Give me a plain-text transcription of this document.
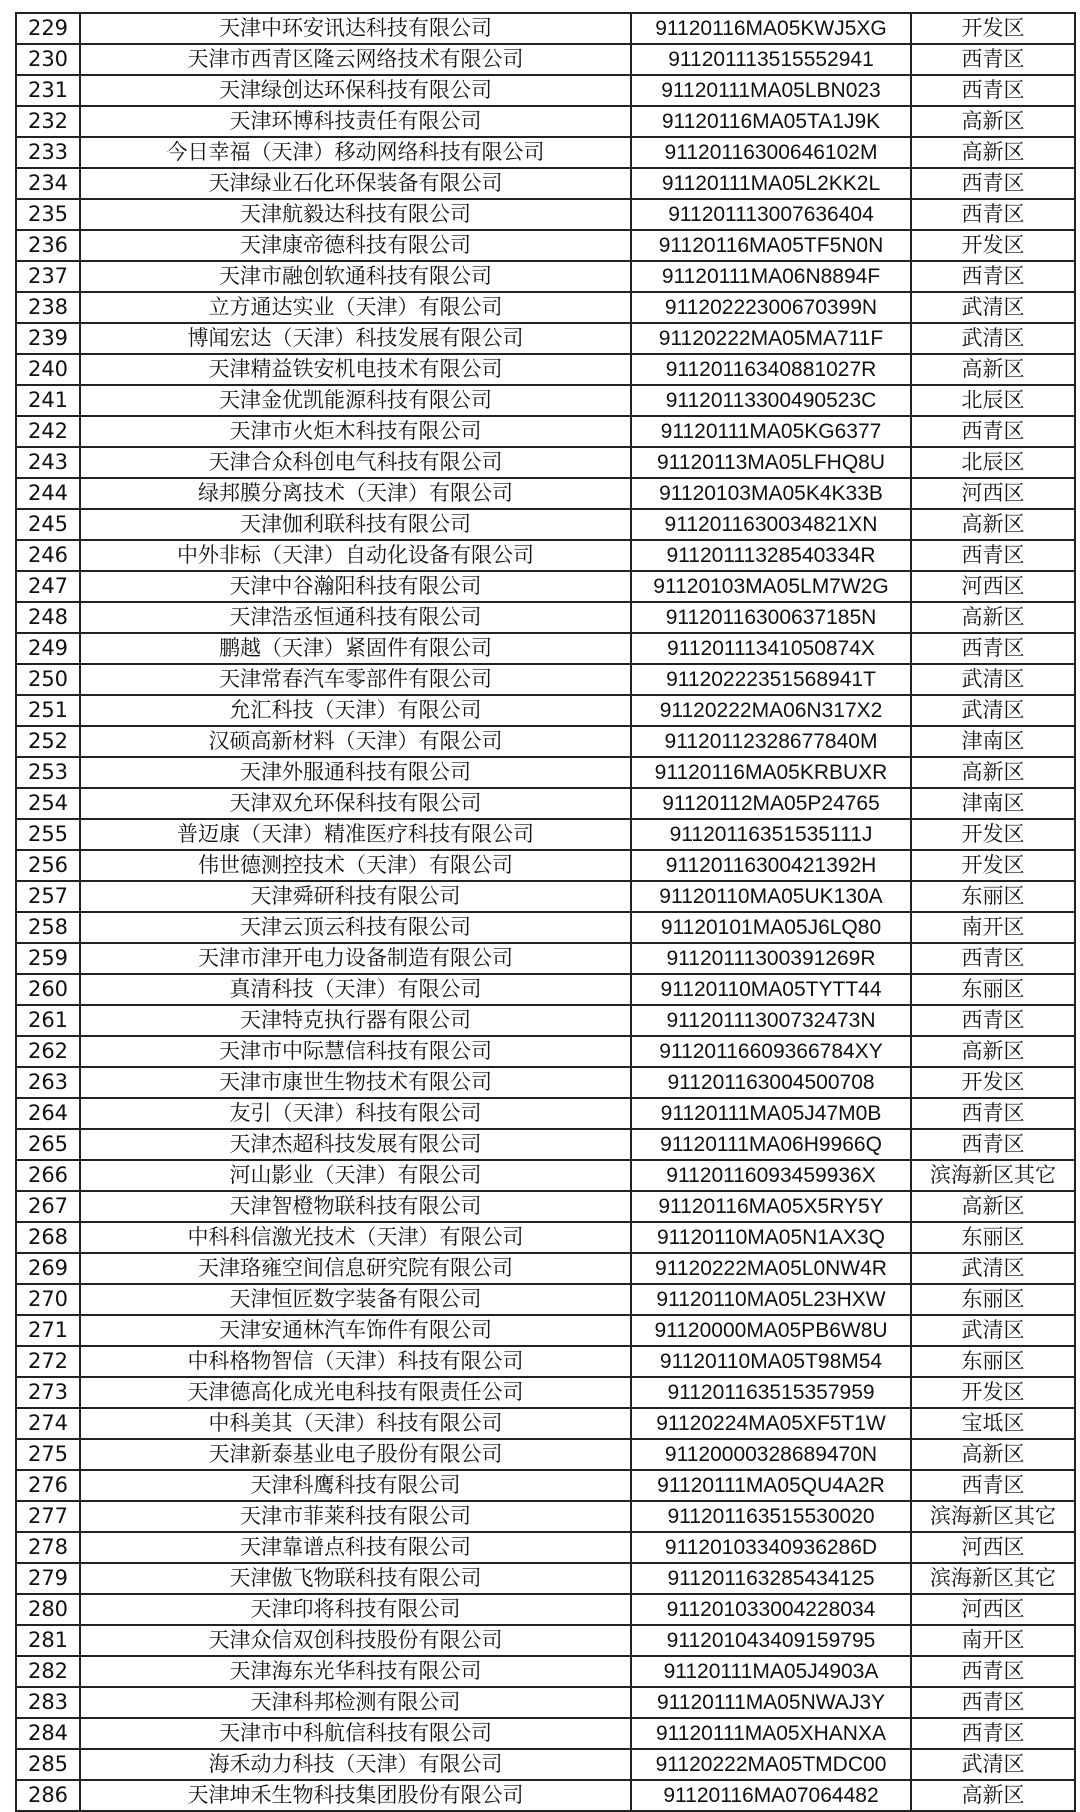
229	天津中环安讯达科技有限公司	91120116MA05KWJ5XG	开发区
230	天津市西青区隆云网络技术有限公司	911201113515552941	西青区
231	天津绿创达环保科技有限公司	91120111MA05LBN023	西青区
232	天津环博科技责任有限公司	91120116MA05TA1J9K	高新区
233	今日幸福（天津）移动网络科技有限公司	91120116300646102M	高新区
234	天津绿业石化环保装备有限公司	91120111MA05L2KK2L	西青区
235	天津航毅达科技有限公司	911201113007636404	西青区
236	天津康帝德科技有限公司	91120116MA05TF5N0N	开发区
237	天津市融创软通科技有限公司	91120111MA06N8894F	西青区
238	立方通达实业（天津）有限公司	91120222300670399N	武清区
239	博闻宏达（天津）科技发展有限公司	91120222MA05MA711F	武清区
240	天津精益铁安机电技术有限公司	91120116340881027R	高新区
241	天津金优凯能源科技有限公司	91120113300490523C	北辰区
242	天津市火炬木科技有限公司	91120111MA05KG6377	西青区
243	天津合众科创电气科技有限公司	91120113MA05LFHQ8U	北辰区
244	绿邦膜分离技术（天津）有限公司	91120103MA05K4K33B	河西区
245	天津伽利联科技有限公司	9112011630034821XN	高新区
246	中外非标（天津）自动化设备有限公司	91120111328540334R	西青区
247	天津中谷瀚阳科技有限公司	91120103MA05LM7W2G	河西区
248	天津浩丞恒通科技有限公司	91120116300637185N	高新区
249	鹏越（天津）紧固件有限公司	91120111341050874X	西青区
250	天津常春汽车零部件有限公司	91120222351568941T	武清区
251	允汇科技（天津）有限公司	91120222MA06N317X2	武清区
252	汉硕高新材料（天津）有限公司	91120112328677840M	津南区
253	天津外服通科技有限公司	91120116MA05KRBUXR	高新区
254	天津双允环保科技有限公司	91120112MA05P24765	津南区
255	普迈康（天津）精准医疗科技有限公司	91120116351535111J	开发区
256	伟世德测控技术（天津）有限公司	91120116300421392H	开发区
257	天津舜研科技有限公司	91120110MA05UK130A	东丽区
258	天津云顶云科技有限公司	91120101MA05J6LQ80	南开区
259	天津市津开电力设备制造有限公司	91120111300391269R	西青区
260	真清科技（天津）有限公司	91120110MA05TYTT44	东丽区
261	天津特克执行器有限公司	91120111300732473N	西青区
262	天津市中际慧信科技有限公司	91120116609366784XY	高新区
263	天津市康世生物技术有限公司	911201163004500708	开发区
264	友引（天津）科技有限公司	91120111MA05J47M0B	西青区
265	天津杰超科技发展有限公司	91120111MA06H9966Q	西青区
266	河山影业（天津）有限公司	91120116093459936X	滨海新区其它
267	天津智橙物联科技有限公司	91120116MA05X5RY5Y	高新区
268	中科科信激光技术（天津）有限公司	91120110MA05N1AX3Q	东丽区
269	天津珞雍空间信息研究院有限公司	91120222MA05L0NW4R	武清区
270	天津恒匠数字装备有限公司	91120110MA05L23HXW	东丽区
271	天津安通林汽车饰件有限公司	91120000MA05PB6W8U	武清区
272	中科格物智信（天津）科技有限公司	91120110MA05T98M54	东丽区
273	天津德高化成光电科技有限责任公司	911201163515357959	开发区
274	中科美其（天津）科技有限公司	91120224MA05XF5T1W	宝坻区
275	天津新泰基业电子股份有限公司	91120000328689470N	高新区
276	天津科鹰科技有限公司	91120111MA05QU4A2R	西青区
277	天津市菲莱科技有限公司	911201163515530020	滨海新区其它
278	天津靠谱点科技有限公司	91120103340936286D	河西区
279	天津傲飞物联科技有限公司	911201163285434125	滨海新区其它
280	天津印将科技有限公司	911201033004228034	河西区
281	天津众信双创科技股份有限公司	911201043409159795	南开区
282	天津海东光华科技有限公司	91120111MA05J4903A	西青区
283	天津科邦检测有限公司	91120111MA05NWAJ3Y	西青区
284	天津市中科航信科技有限公司	91120111MA05XHANXA	西青区
285	海禾动力科技（天津）有限公司	91120222MA05TMDC00	武清区
286	天津坤禾生物科技集团股份有限公司	91120116MA07064482	高新区
